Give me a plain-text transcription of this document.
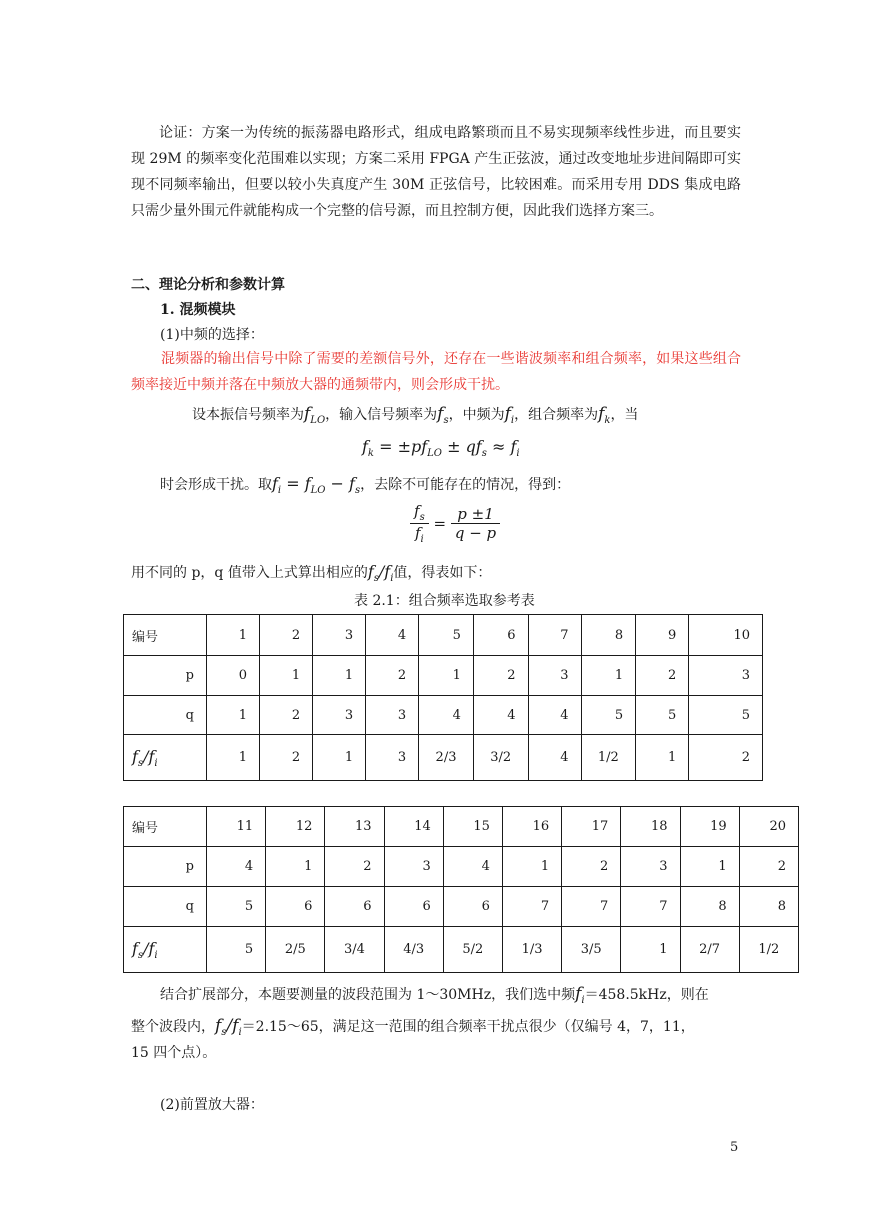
论证：方案一为传统的振荡器电路形式，组成电路繁琐而且不易实现频率线性步进，而且要实现 29M 的频率变化范围难以实现；方案二采用 FPGA 产生正弦波，通过改变地址步进间隔即可实现不同频率输出，但要以较小失真度产生 30M 正弦信号，比较困难。而采用专用 DDS 集成电路只需少量外围元件就能构成一个完整的信号源，而且控制方便，因此我们选择方案三。
二、理论分析和参数计算
1. 混频模块
(1)中频的选择：
混频器的输出信号中除了需要的差额信号外，还存在一些谐波频率和组合频率，如果这些组合频率接近中频并落在中频放大器的通频带内，则会形成干扰。
设本振信号频率为$f_{LO}$，输入信号频率为$f_s$，中频为$f_i$，组合频率为$f_k$，当
$f_k = \pm pf_{LO} \pm qf_s \approx f_i$
时会形成干扰。取$f_i = f_{LO} - f_s$，去除不可能存在的情况，得到：
$\frac{f_s}{f_i} = \frac{p \pm 1}{q - p}$
用不同的 p，q 值带入上式算出相应的$f_s/f_i$值，得表如下：
表 2.1：组合频率选取参考表
编号	1	2	3	4	5	6	7	8	9	10
p	0	1	1	2	1	2	3	1	2	3
q	1	2	3	3	4	4	4	5	5	5
$f_s/f_i$	1	2	1	3	2/3	3/2	4	1/2	1	2
编号	11	12	13	14	15	16	17	18	19	20
p	4	1	2	3	4	1	2	3	1	2
q	5	6	6	6	6	7	7	7	8	8
$f_s/f_i$	5	2/5	3/4	4/3	5/2	1/3	3/5	1	2/7	1/2
结合扩展部分，本题要测量的波段范围为 1～30MHz，我们选中频$f_i=458.5kHz$，则在
整个波段内，$f_s/f_i=2.15\sim 65$，满足这一范围的组合频率干扰点很少（仅编号 4，7，11，
15 四个点）。
(2)前置放大器：
5
